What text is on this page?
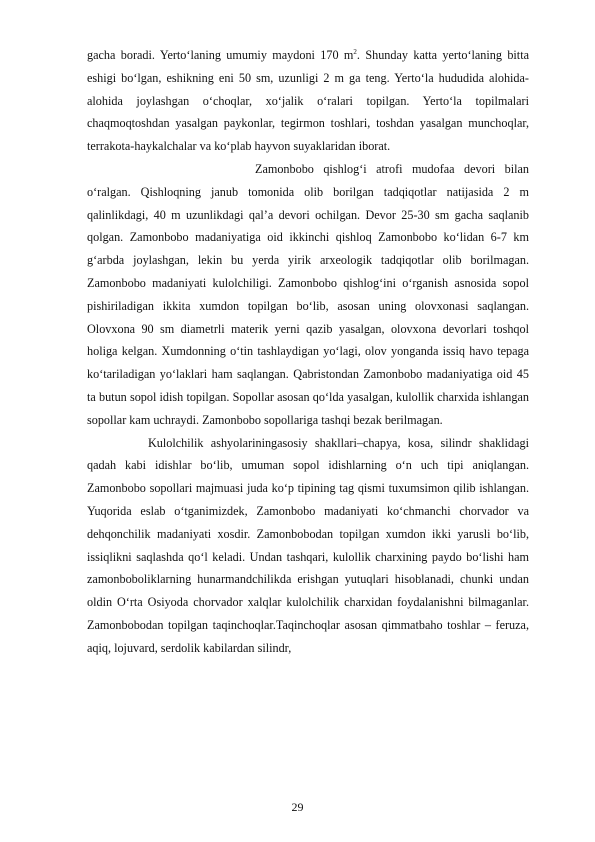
gacha boradi. Yerto‘laning umumiy maydoni 170 $m^2$. Shunday katta yerto‘laning bitta eshigi bo‘lgan, eshikning eni 50 sm, uzunligi 2 m ga teng. Yerto‘la hududida alohida-alohida joylashgan o‘choqlar, xo‘jalik o‘ralari topilgan. Yerto‘la topilmalari chaqmoqtoshdan yasalgan paykonlar, tegirmon toshlari, toshdan yasalgan munchoqlar, terrakota-haykalchalar va ko‘plab hayvon suyaklaridan iborat.

Zamonbobo qishlog‘i atrofi mudofaa devori bilan o‘ralgan. Qishloqning janub tomonida olib borilgan tadqiqotlar natijasida 2 m qalinlikdagi, 40 m uzunlikdagi qal’a devori ochilgan. Devor 25-30 sm gacha saqlanib qolgan. Zamonbobo madaniyatiga oid ikkinchi qishloq Zamonbobo ko‘lidan 6-7 km g‘arbda joylashgan, lekin bu yerda yirik arxeologik tadqiqotlar olib borilmagan. Zamonbobo madaniyati kulolchiligi. Zamonbobo qishlog‘ini o‘rganish asnosida sopol pishiriladigan ikkita xumdon topilgan bo‘lib, asosan uning olovxonasi saqlangan. Olovxona 90 sm diametrli materik yerni qazib yasalgan, olovxona devorlari toshqol holiga kelgan. Xumdonning o‘tin tashlaydigan yo‘lagi, olov yonganda issiq havo tepaga ko‘tariladigan yo‘laklari ham saqlangan. Qabristondan Zamonbobo madaniyatiga oid 45 ta butun sopol idish topilgan. Sopollar asosan qo‘lda yasalgan, kulollik charxida ishlangan sopollar kam uchraydi. Zamonbobo sopollariga tashqi bezak berilmagan.

Kulolchilik ashyolariningasosiy shakllari–chapya, kosa, silindr shaklidagi qadah kabi idishlar bo‘lib, umuman sopol idishlarning o‘n uch tipi aniqlangan. Zamonbobo sopollari majmuasi juda ko‘p tipining tag qismi tuxumsimon qilib ishlangan. Yuqorida eslab o‘tganimizdek, Zamonbobo madaniyati ko‘chmanchi chorvador va dehqonchilik madaniyati xosdir. Zamonbobodan topilgan xumdon ikki yarusli bo‘lib, issiqlikni saqlashda qo‘l keladi. Undan tashqari, kulollik charxining paydo bo‘lishi ham zamonboboliklarning hunarmandchilikda erishgan yutuqlari hisoblanadi, chunki undan oldin O‘rta Osiyoda chorvador xalqlar kulolchilik charxidan foydalanishni bilmaganlar. Zamonbobodan topilgan taqinchoqlar.Taqinchoqlar asosan qimmatbaho toshlar – feruza, aqiq, lojuvard, serdolik kabilardan silindr,

29
